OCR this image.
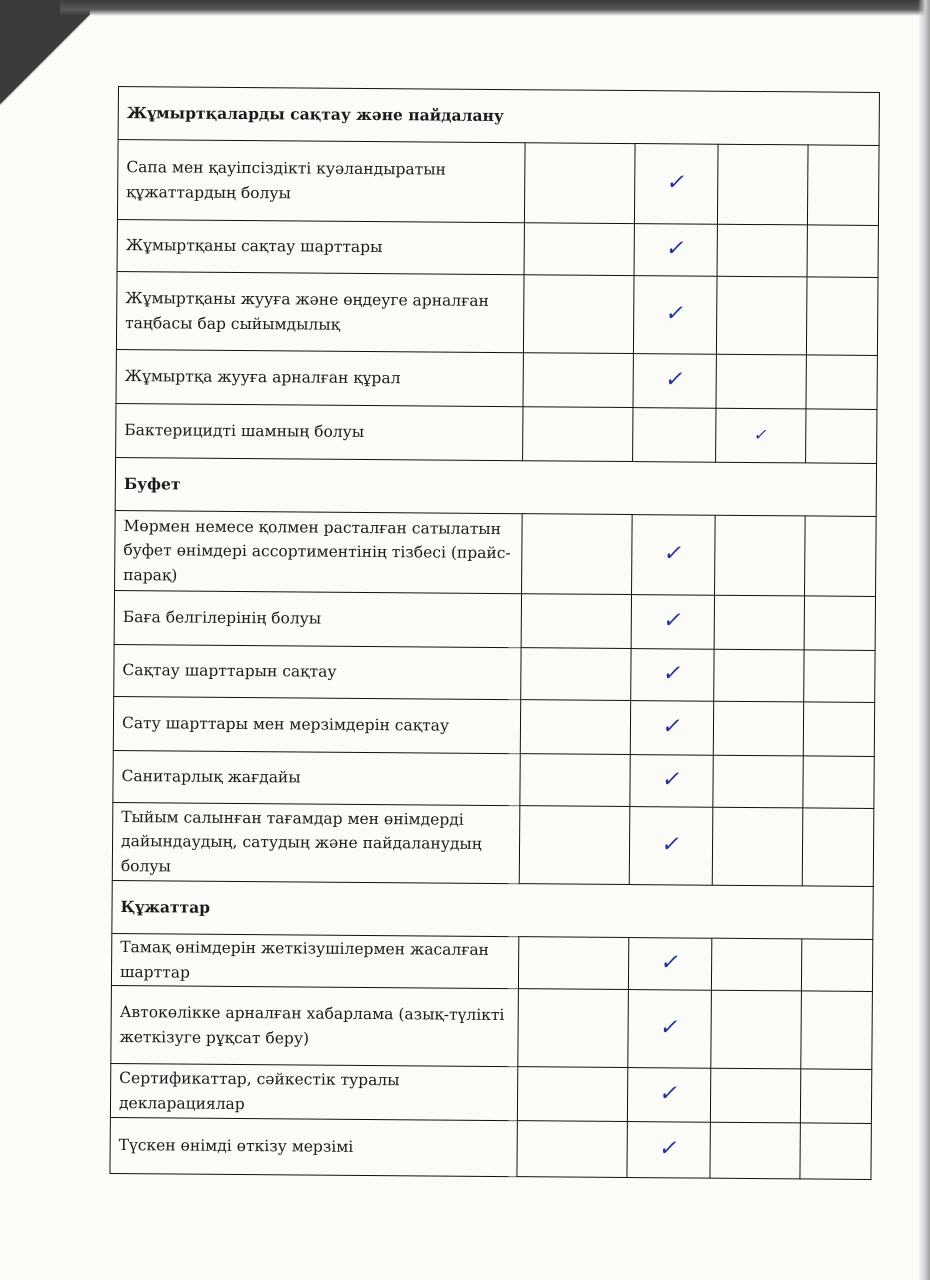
Жұмыртқаларды сақтау және пайдалану				
Сапа мен қауіпсіздікті куәландыратын құжаттардың болуы		✓		
Жұмыртқаны сақтау шарттары		✓		
Жұмыртқаны жууға және өңдеуге арналған таңбасы бар сыйымдылық		✓		
Жұмыртқа жууға арналған құрал		✓		
Бактерицидті шамның болуы			✓	
Буфет				
Мөрмен немесе қолмен расталған сатылатын буфет өнімдері ассортиментінің тізбесі (прайс-парақ)		✓		
Баға белгілерінің болуы		✓		
Сақтау шарттарын сақтау		✓		
Сату шарттары мен мерзімдерін сақтау		✓		
Санитарлық жағдайы		✓		
Тыйым салынған тағамдар мен өнімдерді дайындаудың, сатудың және пайдаланудың болуы		✓		
Құжаттар				
Тамақ өнімдерін жеткізушілермен жасалған шарттар		✓		
Автокөлікке арналған хабарлама (азық-түлікті жеткізуге рұқсат беру)		✓		
Сертификаттар, сәйкестік туралы декларациялар		✓		
Түскен өнімді өткізу мерзімі		✓		
